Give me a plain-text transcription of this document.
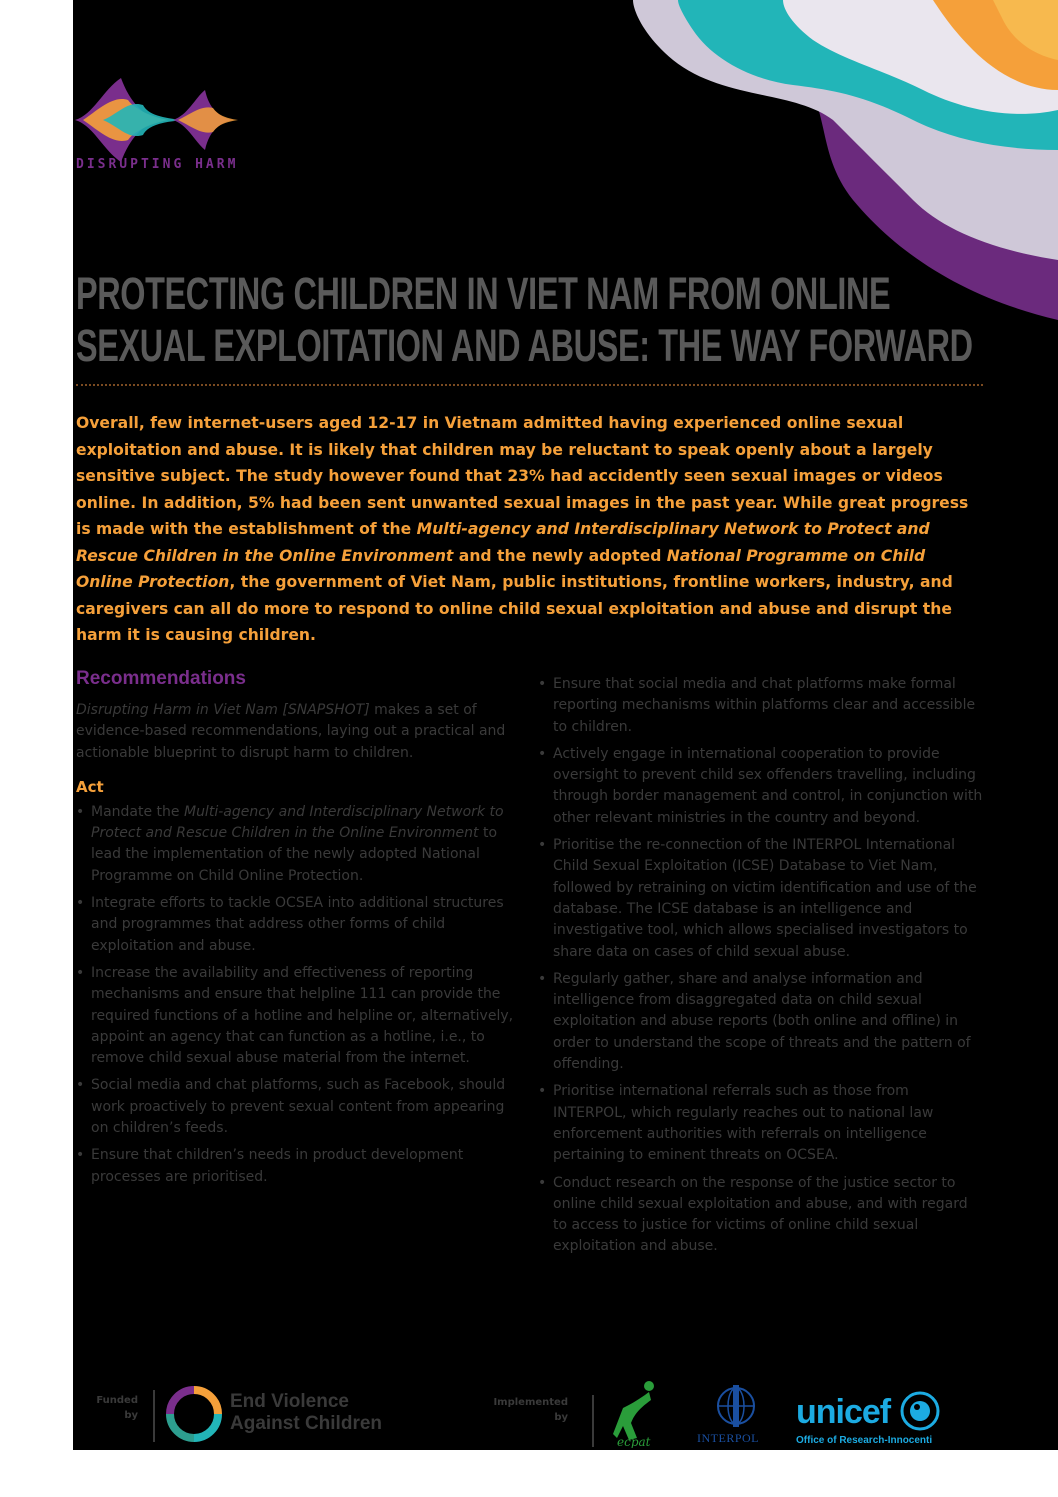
DISRUPTING HARM
PROTECTING CHILDREN IN VIET NAM FROM ONLINE
SEXUAL EXPLOITATION AND ABUSE: THE WAY FORWARD

Overall, few internet-users aged 12-17 in Vietnam admitted having experienced online sexual exploitation and abuse. It is likely that children may be reluctant to speak openly about a largely sensitive subject. The study however found that 23% had accidently seen sexual images or videos online. In addition, 5% had been sent unwanted sexual images in the past year. While great progress is made with the establishment of the Multi-agency and Interdisciplinary Network to Protect and Rescue Children in the Online Environment and the newly adopted National Programme on Child Online Protection, the government of Viet Nam, public institutions, frontline workers, industry, and caregivers can all do more to respond to online child sexual exploitation and abuse and disrupt the harm it is causing children.

Recommendations

Disrupting Harm in Viet Nam [SNAPSHOT] makes a set of evidence-based recommendations, laying out a practical and actionable blueprint to disrupt harm to children.

Act
• Mandate the Multi-agency and Interdisciplinary Network to Protect and Rescue Children in the Online Environment to lead the implementation of the newly adopted National Programme on Child Online Protection.
• Integrate efforts to tackle OCSEA into additional structures and programmes that address other forms of child exploitation and abuse.
• Increase the availability and effectiveness of reporting mechanisms and ensure that helpline 111 can provide the required functions of a hotline and helpline or, alternatively, appoint an agency that can function as a hotline, i.e., to remove child sexual abuse material from the internet.
• Social media and chat platforms, such as Facebook, should work proactively to prevent sexual content from appearing on children’s feeds.
• Ensure that children’s needs in product development processes are prioritised.
• Ensure that social media and chat platforms make formal reporting mechanisms within platforms clear and accessible to children.
• Actively engage in international cooperation to provide oversight to prevent child sex offenders travelling, including through border management and control, in conjunction with other relevant ministries in the country and beyond.
• Prioritise the re-connection of the INTERPOL International Child Sexual Exploitation (ICSE) Database to Viet Nam, followed by retraining on victim identification and use of the database. The ICSE database is an intelligence and investigative tool, which allows specialised investigators to share data on cases of child sexual abuse.
• Regularly gather, share and analyse information and intelligence from disaggregated data on child sexual exploitation and abuse reports (both online and offline) in order to understand the scope of threats and the pattern of offending.
• Prioritise international referrals such as those from INTERPOL, which regularly reaches out to national law enforcement authorities with referrals on intelligence pertaining to eminent threats on OCSEA.
• Conduct research on the response of the justice sector to online child sexual exploitation and abuse, and with regard to access to justice for victims of online child sexual exploitation and abuse.
Funded
by
End Violence
Against Children
Implemented
by
ecpat	INTERPOL
unicef
Office of Research-Innocenti
